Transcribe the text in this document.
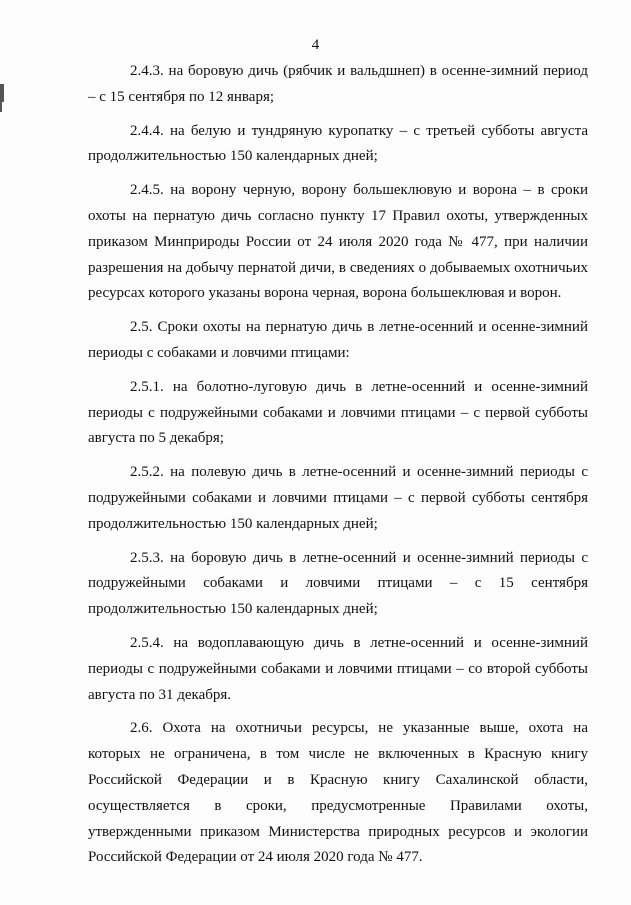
4

2.4.3. на боровую дичь (рябчик и вальдшнеп) в осенне-зимний период – с 15 сентября по 12 января;

2.4.4. на белую и тундряную куропатку – с третьей субботы августа продолжительностью 150 календарных дней;

2.4.5. на ворону черную, ворону большеклювую и ворона – в сроки охоты на пернатую дичь согласно пункту 17 Правил охоты, утвержденных приказом Минприроды России от 24 июля 2020 года № 477, при наличии разрешения на добычу пернатой дичи, в сведениях о добываемых охотничьих ресурсах которого указаны ворона черная, ворона большеклювая и ворон.

2.5. Сроки охоты на пернатую дичь в летне-осенний и осенне-зимний периоды с собаками и ловчими птицами:

2.5.1. на болотно-луговую дичь в летне-осенний и осенне-зимний периоды с подружейными собаками и ловчими птицами – с первой субботы августа по 5 декабря;

2.5.2. на полевую дичь в летне-осенний и осенне-зимний периоды с подружейными собаками и ловчими птицами – с первой субботы сентября продолжительностью 150 календарных дней;

2.5.3. на боровую дичь в летне-осенний и осенне-зимний периоды с подружейными собаками и ловчими птицами – с 15 сентября продолжительностью 150 календарных дней;

2.5.4. на водоплавающую дичь в летне-осенний и осенне-зимний периоды с подружейными собаками и ловчими птицами – со второй субботы августа по 31 декабря.

2.6. Охота на охотничьи ресурсы, не указанные выше, охота на которых не ограничена, в том числе не включенных в Красную книгу Российской Федерации и в Красную книгу Сахалинской области, осуществляется в сроки, предусмотренные Правилами охоты, утвержденными приказом Министерства природных ресурсов и экологии Российской Федерации от 24 июля 2020 года № 477.
